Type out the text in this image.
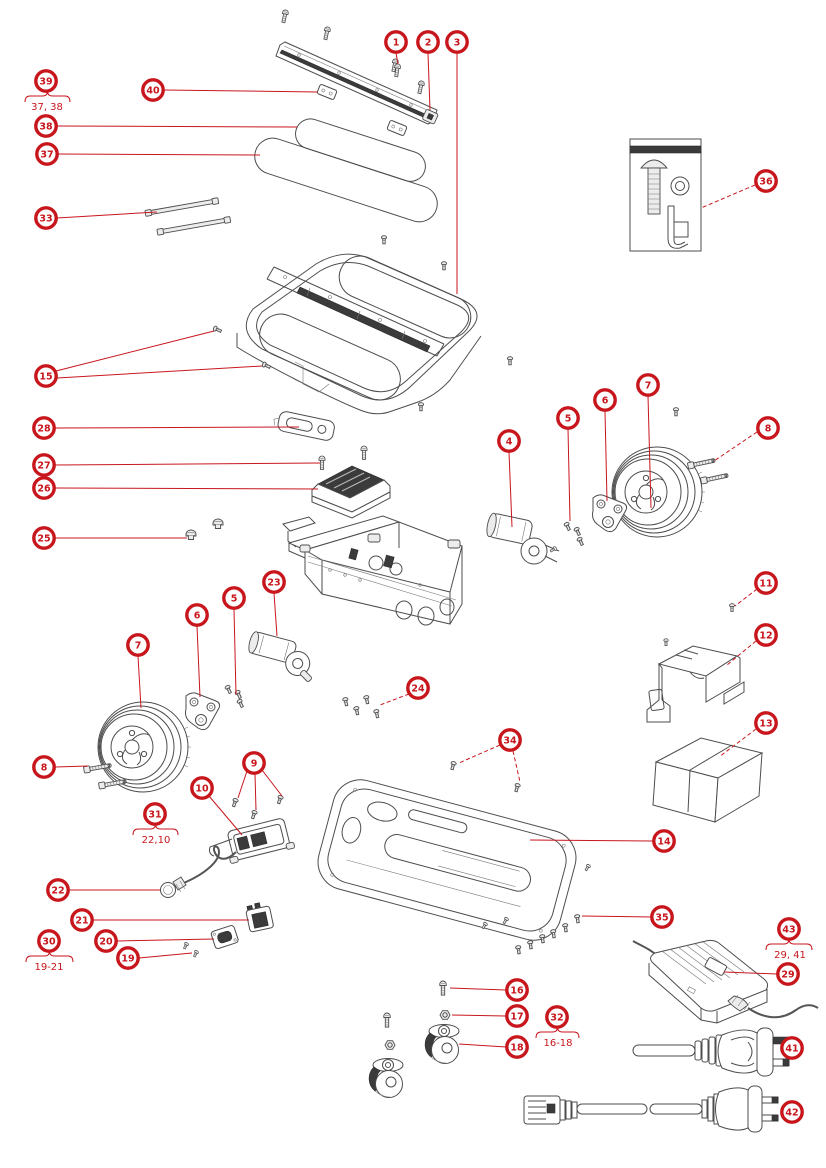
1	2 3
40
38
37
33
36
37, 38
39
15
28
27
26
25
23
4
5
6
7
8
11
12
13
7
6
5
8
24
34
9
10
22,10
31
22
21
19-21
30	20
19
14
35
16
17
18 16-18
32
29, 41
43
29
41
42
